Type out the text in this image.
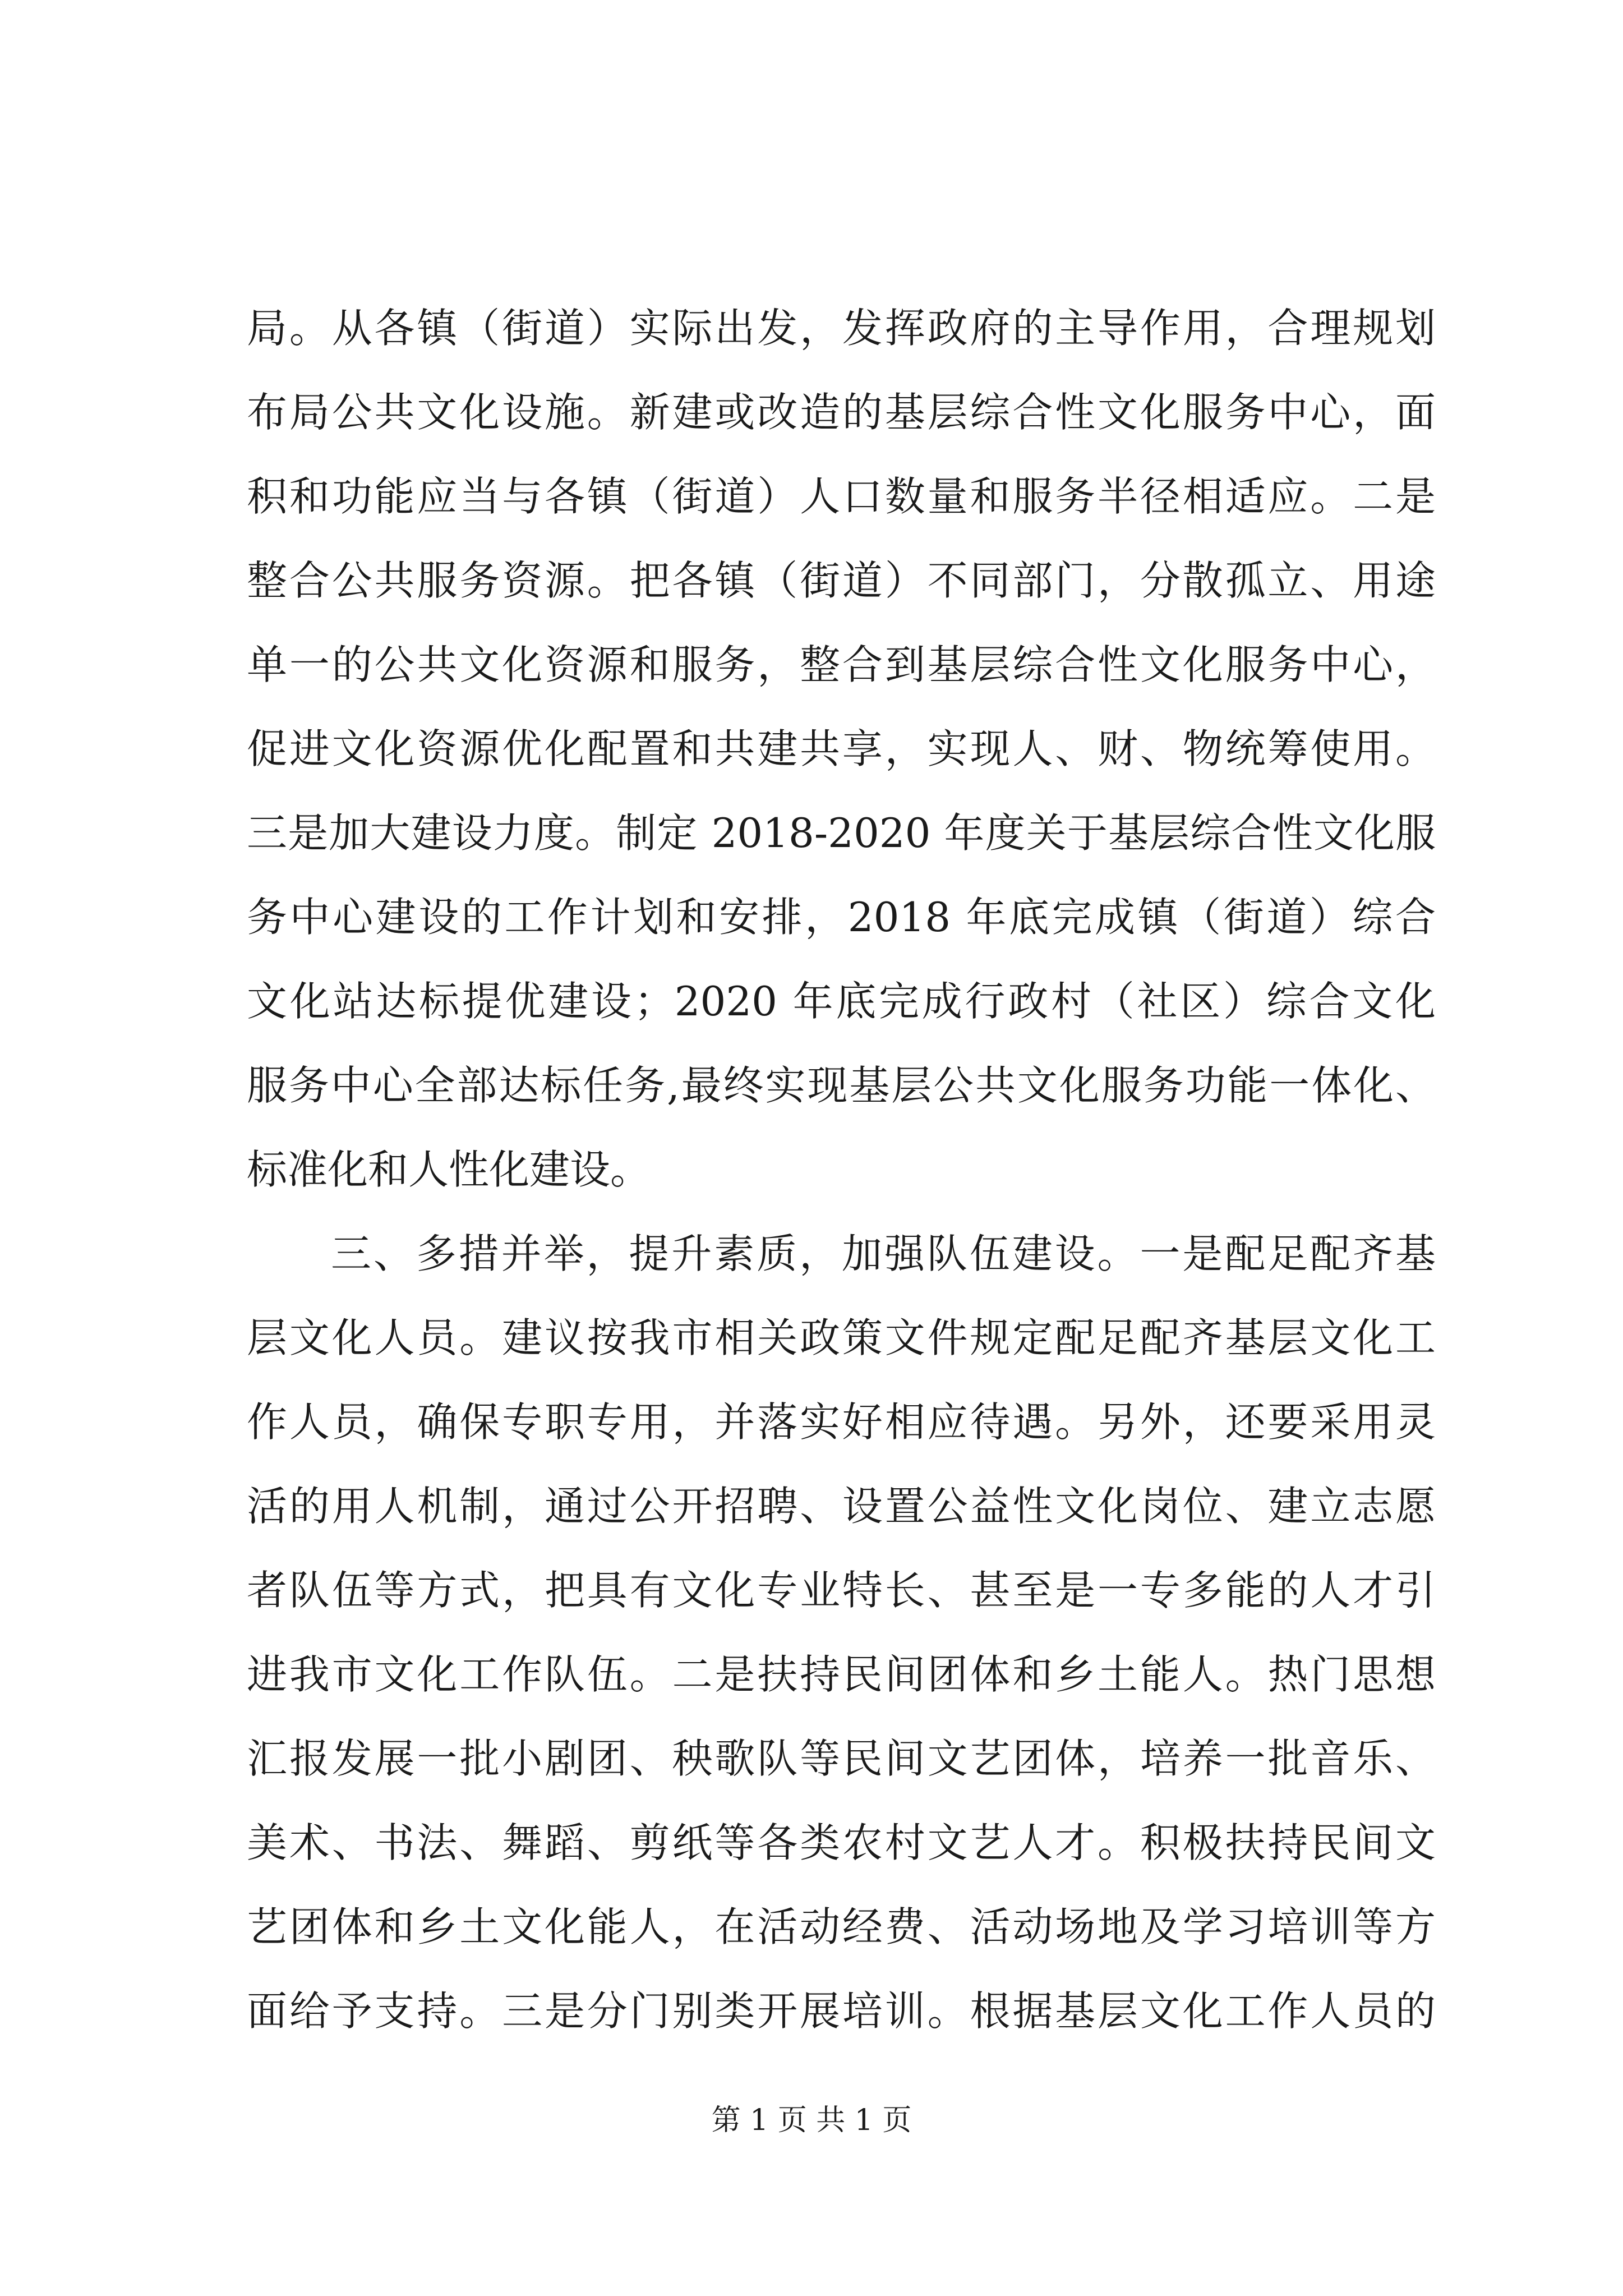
局。从各镇（街道）实际出发，发挥政府的主导作用，合理规划
布局公共文化设施。新建或改造的基层综合性文化服务中心，面
积和功能应当与各镇（街道）人口数量和服务半径相适应。二是
整合公共服务资源。把各镇（街道）不同部门，分散孤立、用途
单一的公共文化资源和服务，整合到基层综合性文化服务中心，
促进文化资源优化配置和共建共享，实现人、财、物统筹使用。
三是加大建设力度。制定 2018-2020 年度关于基层综合性文化服
务中心建设的工作计划和安排，2018 年底完成镇（街道）综合
文化站达标提优建设；2020 年底完成行政村（社区）综合文化
服务中心全部达标任务,最终实现基层公共文化服务功能一体化、
标准化和人性化建设。
三、多措并举，提升素质，加强队伍建设。一是配足配齐基
层文化人员。建议按我市相关政策文件规定配足配齐基层文化工
作人员，确保专职专用，并落实好相应待遇。另外，还要采用灵
活的用人机制，通过公开招聘、设置公益性文化岗位、建立志愿
者队伍等方式，把具有文化专业特长、甚至是一专多能的人才引
进我市文化工作队伍。二是扶持民间团体和乡土能人。热门思想
汇报发展一批小剧团、秧歌队等民间文艺团体，培养一批音乐、
美术、书法、舞蹈、剪纸等各类农村文艺人才。积极扶持民间文
艺团体和乡土文化能人，在活动经费、活动场地及学习培训等方
面给予支持。三是分门别类开展培训。根据基层文化工作人员的
第 1 页 共 1 页
